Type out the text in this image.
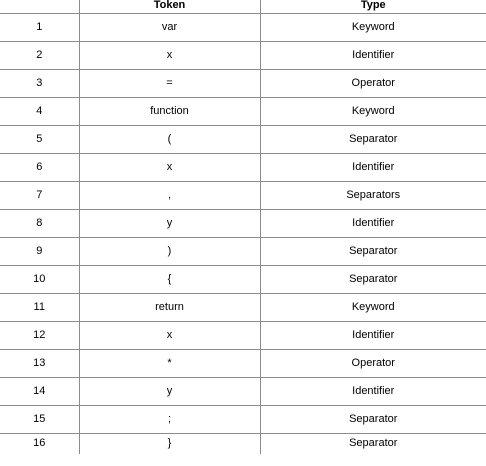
	Token	Type
1	var	Keyword
2	x	Identifier
3	=	Operator
4	function	Keyword
5	(	Separator
6	x	Identifier
7	,	Separators
8	y	Identifier
9	)	Separator
10	{	Separator
11	return	Keyword
12	x	Identifier
13	*	Operator
14	y	Identifier
15	;	Separator
16	}	Separator
